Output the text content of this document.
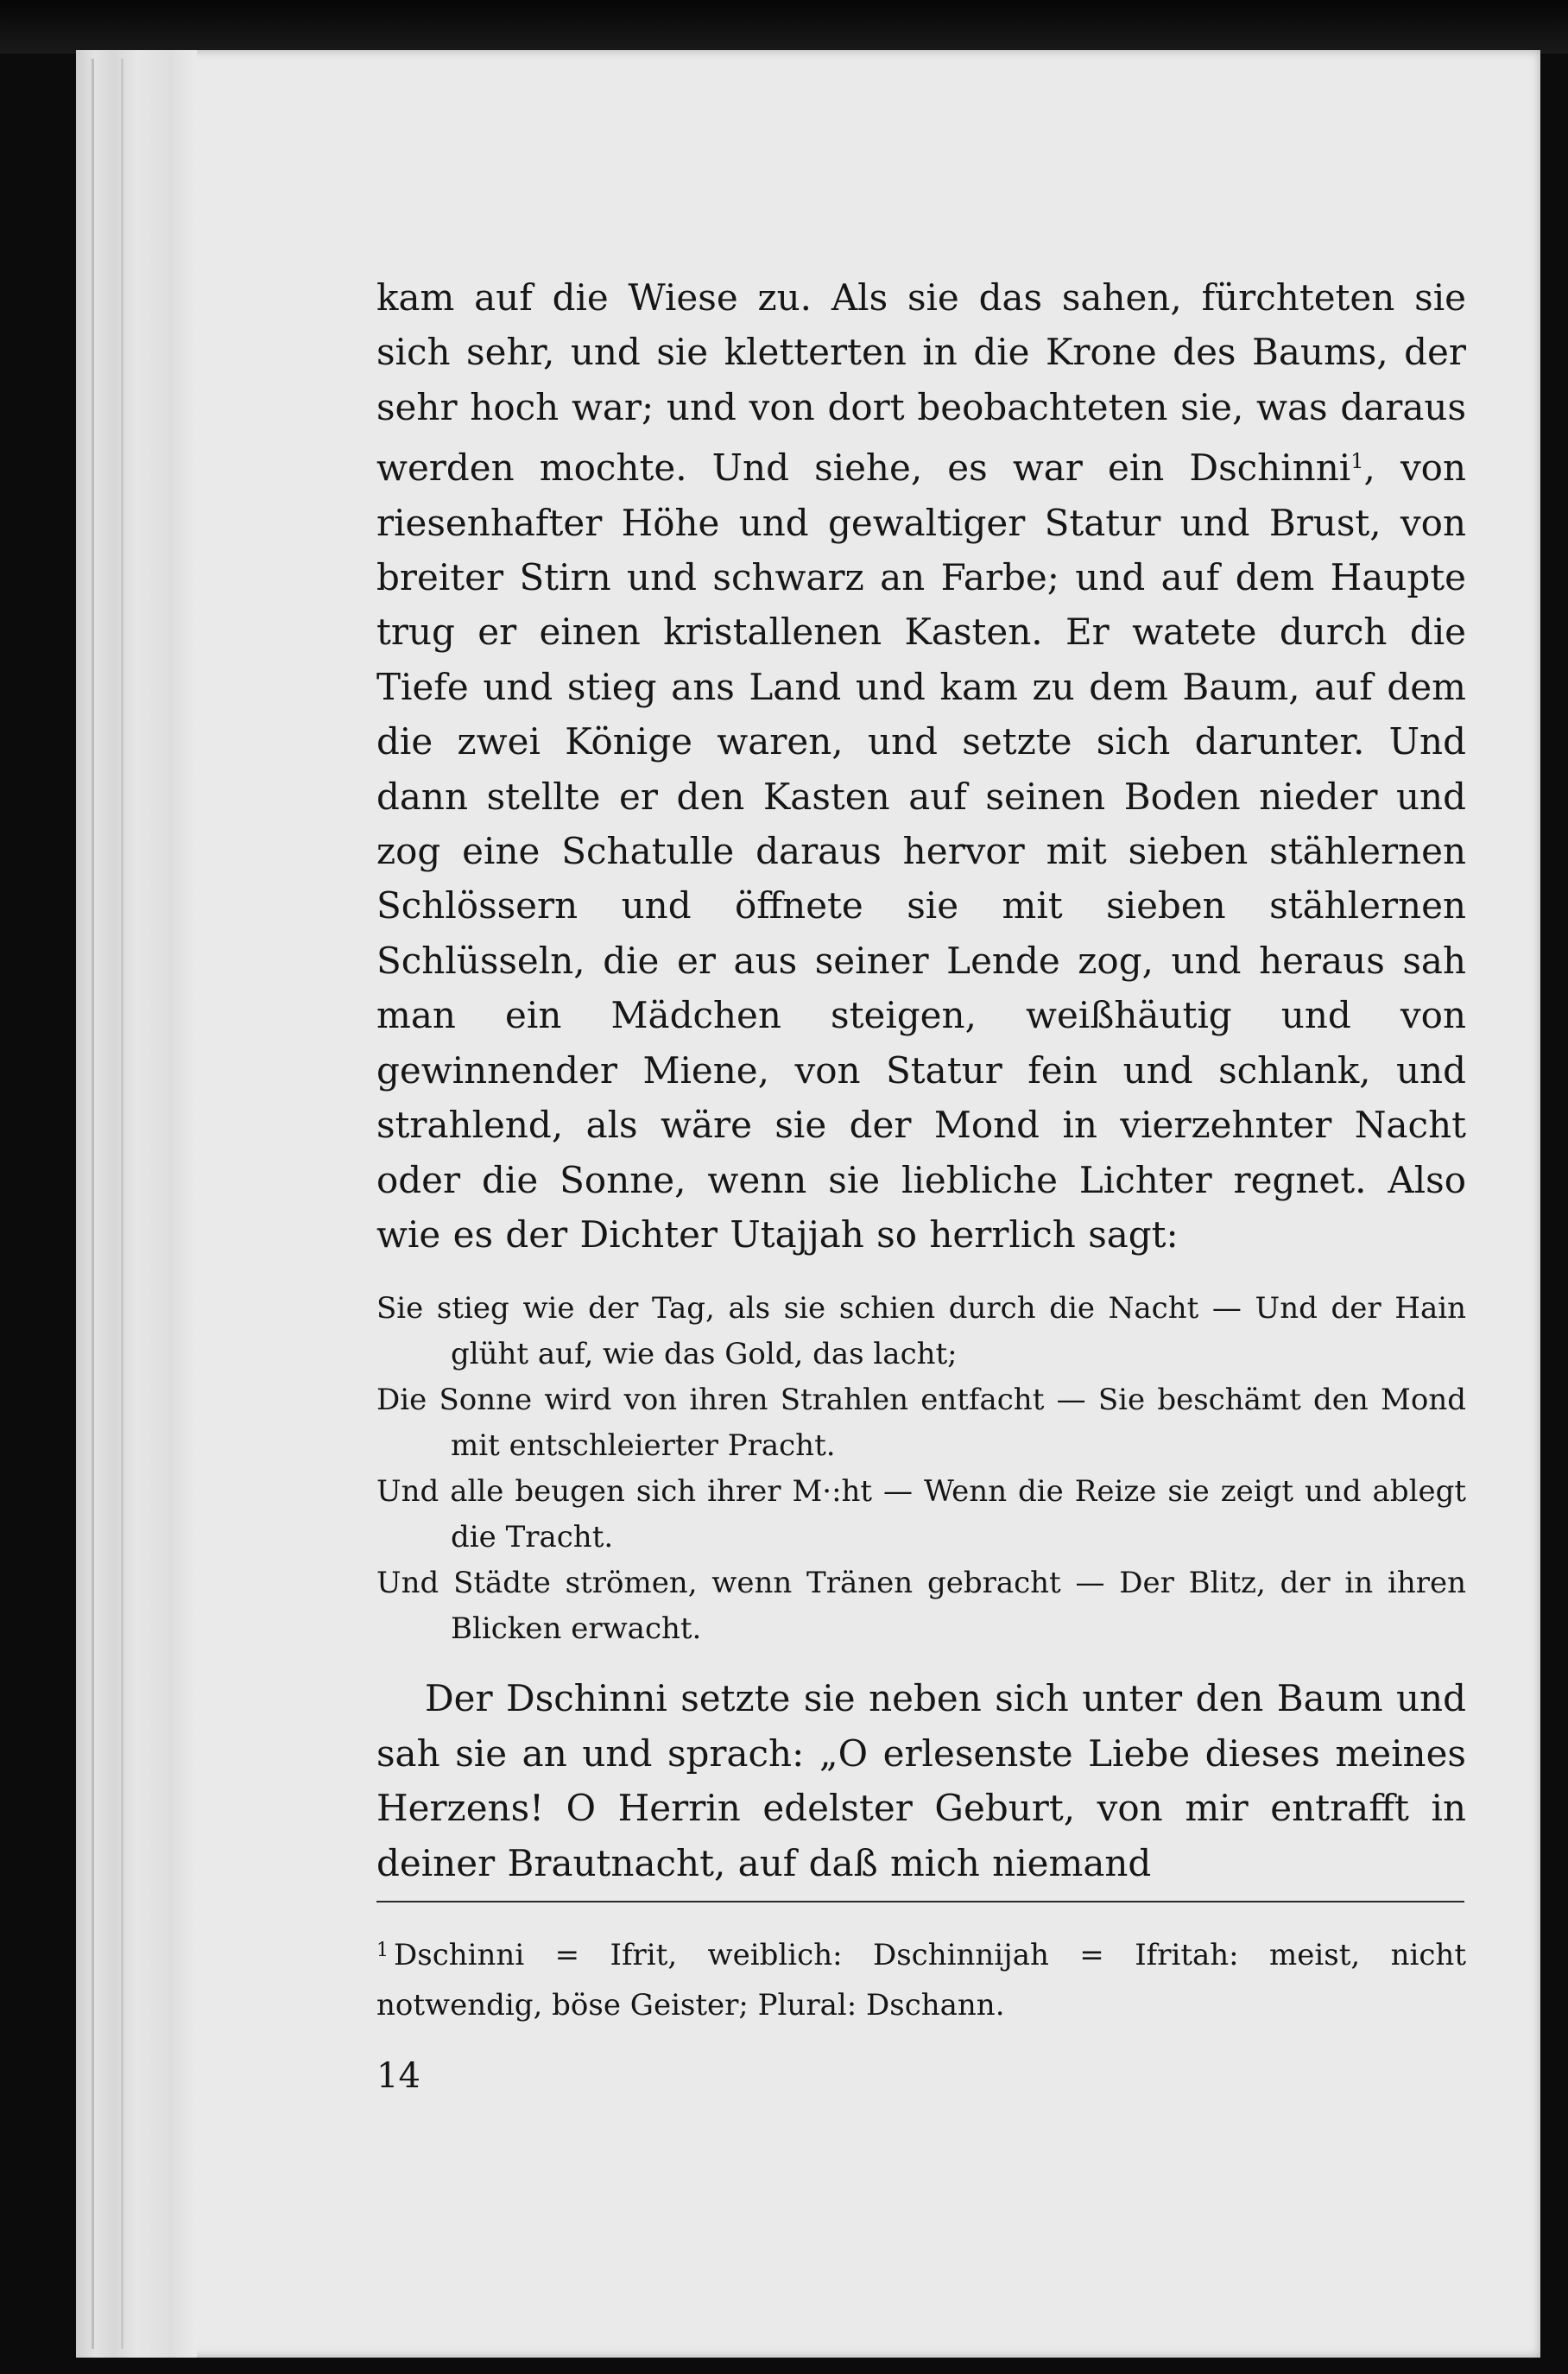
kam auf die Wiese zu. Als sie das sahen, fürchteten sie sich sehr, und sie kletterten in die Krone des Baums, der sehr hoch war; und von dort beobachteten sie, was daraus werden mochte. Und siehe, es war ein Dschinni$^1$, von riesenhafter Höhe und gewaltiger Statur und Brust, von breiter Stirn und schwarz an Farbe; und auf dem Haupte trug er einen kristallenen Kasten. Er watete durch die Tiefe und stieg ans Land und kam zu dem Baum, auf dem die zwei Könige waren, und setzte sich darunter. Und dann stellte er den Kasten auf seinen Boden nieder und zog eine Schatulle daraus hervor mit sieben stählernen Schlössern und öffnete sie mit sieben stählernen Schlüsseln, die er aus seiner Lende zog, und heraus sah man ein Mädchen steigen, weißhäutig und von gewinnender Miene, von Statur fein und schlank, und strahlend, als wäre sie der Mond in vierzehnter Nacht oder die Sonne, wenn sie liebliche Lichter regnet. Also wie es der Dichter Utajjah so herrlich sagt:

Sie stieg wie der Tag, als sie schien durch die Nacht — Und der Hain glüht auf, wie das Gold, das lacht;

Die Sonne wird von ihren Strahlen entfacht — Sie beschämt den Mond mit entschleierter Pracht.

Und alle beugen sich ihrer M·:ht — Wenn die Reize sie zeigt und ablegt die Tracht.

Und Städte strömen, wenn Tränen gebracht — Der Blitz, der in ihren Blicken erwacht.

Der Dschinni setzte sie neben sich unter den Baum und sah sie an und sprach: „O erlesenste Liebe dieses meines Herzens! O Herrin edelster Geburt, von mir entrafft in deiner Brautnacht, auf daß mich niemand

$^1$ Dschinni = Ifrit, weiblich: Dschinnijah = Ifritah: meist, nicht notwendig, böse Geister; Plural: Dschann.
14
